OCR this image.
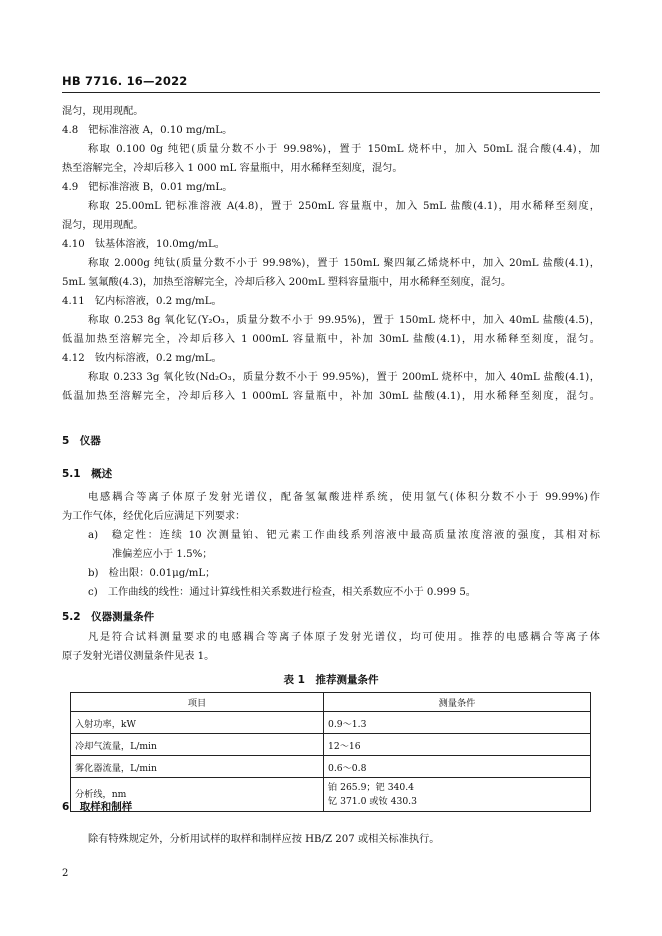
HB 7716. 16—2022
混匀，现用现配。
4.8　钯标准溶液 A，0.10 mg/mL。
称取 0.100 0g 纯钯(质量分数不小于 99.98%)，置于 150mL 烧杯中，加入 50mL 混合酸(4.4)，加
热至溶解完全，冷却后移入 1 000 mL 容量瓶中，用水稀释至刻度，混匀。
4.9　钯标准溶液 B，0.01 mg/mL。
称取 25.00mL 钯标准溶液 A(4.8)，置于 250mL 容量瓶中，加入 5mL 盐酸(4.1)，用水稀释至刻度，
混匀，现用现配。
4.10　钛基体溶液，10.0mg/mL。
称取 2.000g 纯钛(质量分数不小于 99.98%)，置于 150mL 聚四氟乙烯烧杯中，加入 20mL 盐酸(4.1)，
5mL 氢氟酸(4.3)，加热至溶解完全，冷却后移入 200mL 塑料容量瓶中，用水稀释至刻度，混匀。
4.11　钇内标溶液，0.2 mg/mL。
称取 0.253 8g 氧化钇(Y₂O₃，质量分数不小于 99.95%)，置于 150mL 烧杯中，加入 40mL 盐酸(4.5)，
低温加热至溶解完全，冷却后移入 1 000mL 容量瓶中，补加 30mL 盐酸(4.1)，用水稀释至刻度，混匀。
4.12　钕内标溶液，0.2 mg/mL。
称取 0.233 3g 氧化钕(Nd₂O₃，质量分数不小于 99.95%)，置于 200mL 烧杯中，加入 40mL 盐酸(4.1)，
低温加热至溶解完全，冷却后移入 1 000mL 容量瓶中，补加 30mL 盐酸(4.1)，用水稀释至刻度，混匀。
5　仪器
5.1　概述
电感耦合等离子体原子发射光谱仪，配备氢氟酸进样系统，使用氩气(体积分数不小于 99.99%)作
为工作气体，经优化后应满足下列要求：
a)　稳定性：连续 10 次测量铂、钯元素工作曲线系列溶液中最高质量浓度溶液的强度，其相对标
准偏差应小于 1.5%；
b)　检出限：0.01μg/mL；
c)　工作曲线的线性：通过计算线性相关系数进行检查，相关系数应不小于 0.999 5。
5.2　仪器测量条件
凡是符合试料测量要求的电感耦合等离子体原子发射光谱仪，均可使用。推荐的电感耦合等离子体
原子发射光谱仪测量条件见表 1。
表 1　推荐测量条件
项目	测量条件
入射功率，kW	0.9～1.3
冷却气流量，L/min	12～16
雾化器流量，L/min	0.6～0.8
分析线，nm	铂 265.9；钯 340.4
钇 371.0 或钕 430.3
6　取样和制样
除有特殊规定外，分析用试样的取样和制样应按 HB/Z 207 或相关标准执行。
2
